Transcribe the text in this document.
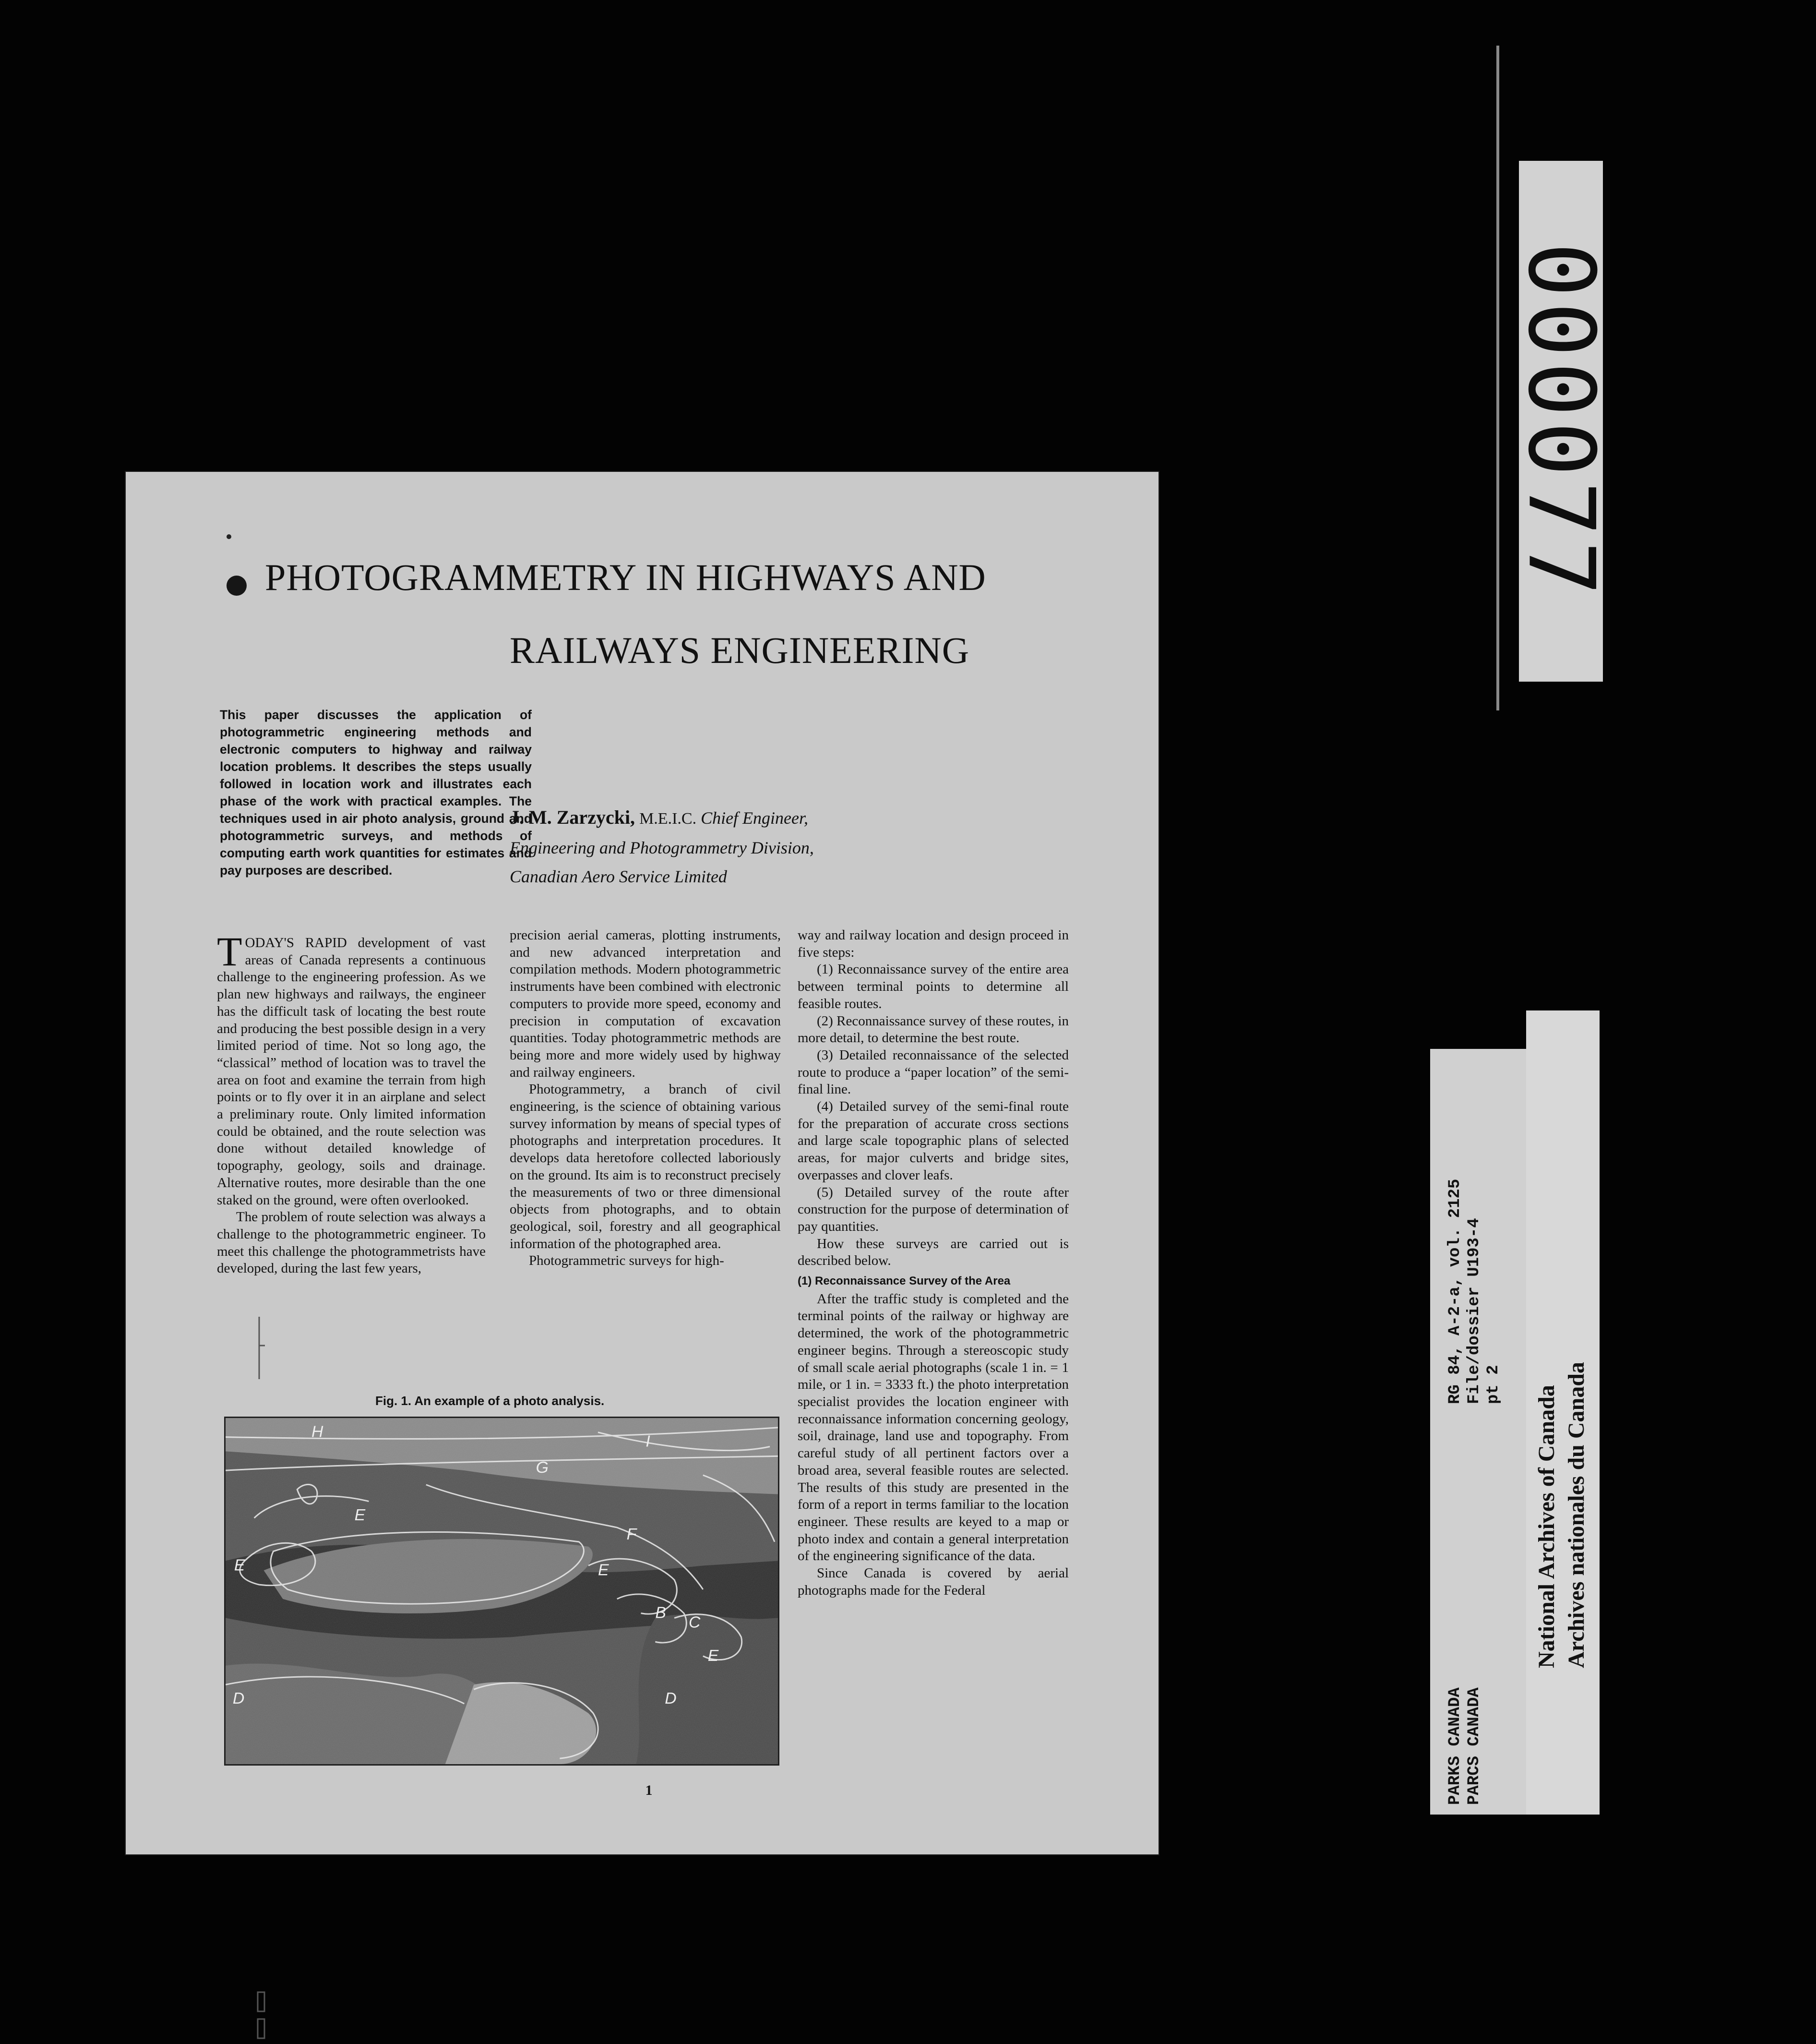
PHOTOGRAMMETRY IN HIGHWAYS AND
RAILWAYS ENGINEERING

This paper discusses the application of photogrammetric engineering methods and electronic computers to highway and railway location problems. It describes the steps usually followed in location work and illustrates each phase of the work with practical examples. The techniques used in air photo analysis, ground and photogrammetric surveys, and methods of computing earth work quantities for estimates and pay purposes are described.

J. M. Zarzycki, M.E.I.C. Chief Engineer,
Engineering and Photogrammetry Division,
Canadian Aero Service Limited

TODAY'S RAPID development of vast areas of Canada represents a continuous challenge to the engineering profession. As we plan new highways and railways, the engineer has the difficult task of locating the best route and producing the best possible design in a very limited period of time. Not so long ago, the “classical” method of location was to travel the area on foot and examine the terrain from high points or to fly over it in an airplane and select a preliminary route. Only limited information could be obtained, and the route selection was done without detailed knowledge of topography, geology, soils and drainage. Alternative routes, more desirable than the one staked on the ground, were often overlooked.

The problem of route selection was always a challenge to the photogrammetric engineer. To meet this challenge the photogrammetrists have developed, during the last few years,

precision aerial cameras, plotting instruments, and new advanced interpretation and compilation methods. Modern photogrammetric instruments have been combined with electronic computers to provide more speed, economy and precision in computation of excavation quantities. Today photogrammetric methods are being more and more widely used by highway and railway engineers.

Photogrammetry, a branch of civil engineering, is the science of obtaining various survey information by means of special types of photographs and interpretation procedures. It develops data heretofore collected laboriously on the ground. Its aim is to reconstruct precisely the measurements of two or three dimensional objects from photographs, and to obtain geological, soil, forestry and all geographical information of the photographed area.

Photogrammetric surveys for high-

way and railway location and design proceed in five steps:

(1) Reconnaissance survey of the entire area between terminal points to determine all feasible routes.

(2) Reconnaissance survey of these routes, in more detail, to determine the best route.

(3) Detailed reconnaissance of the selected route to produce a “paper location” of the semi-final line.

(4) Detailed survey of the semi-final route for the preparation of accurate cross sections and large scale topographic plans of selected areas, for major culverts and bridge sites, overpasses and clover leafs.

(5) Detailed survey of the route after construction for the purpose of determination of pay quantities.

How these surveys are carried out is described below.

(1) Reconnaissance Survey of the Area

After the traffic study is completed and the terminal points of the railway or highway are determined, the work of the photogrammetric engineer begins. Through a stereoscopic study of small scale aerial photographs (scale 1 in. = 1 mile, or 1 in. = 3333 ft.) the photo interpretation specialist provides the location engineer with reconnaissance information concerning geology, soil, drainage, land use and topography. From careful study of all pertinent factors over a broad area, several feasible routes are selected. The results of this study are presented in the form of a report in terms familiar to the location engineer. These results are keyed to a map or photo index and contain a general interpretation of the engineering significance of the data.

Since Canada is covered by aerial photographs made for the Federal

Fig. 1. An example of a photo analysis.

H
I
G
F
E
E
B
C
E
D	D
E
1
000077
RG 84, A-2-a, vol. 2125 File/dossier U193-4 pt 2
PARKS CANADA PARCS CANADA
National Archives of Canada Archives nationales du Canada
